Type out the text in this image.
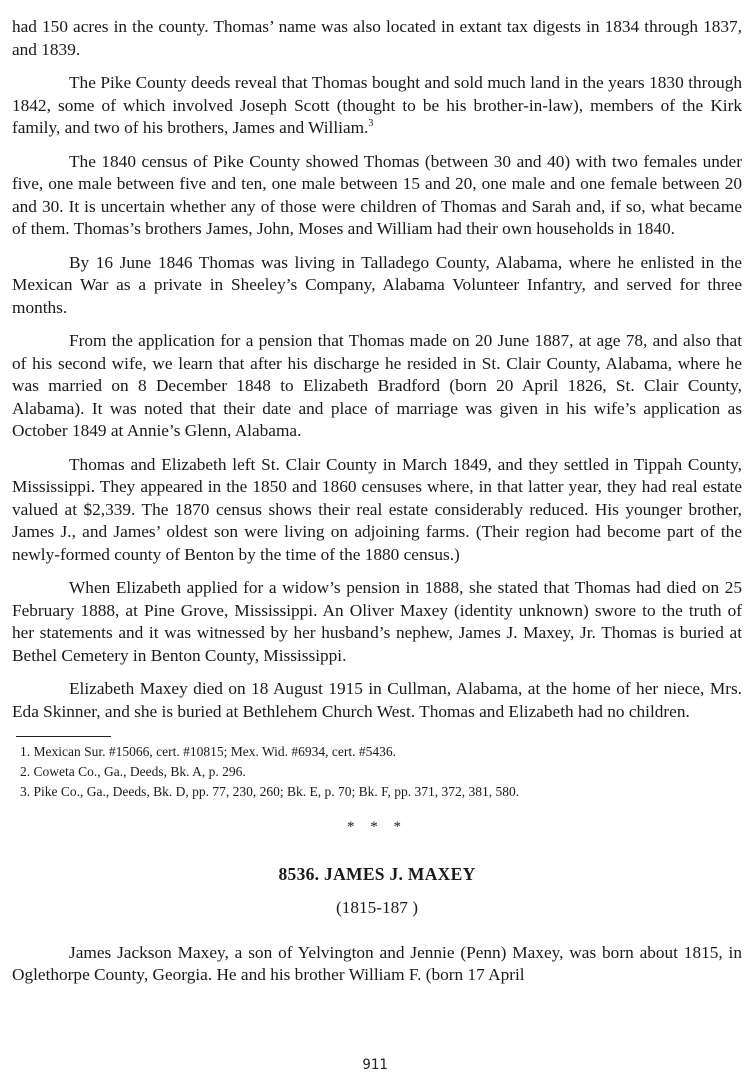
had 150 acres in the county. Thomas’ name was also located in extant tax digests in 1834 through 1837, and 1839.

The Pike County deeds reveal that Thomas bought and sold much land in the years 1830 through 1842, some of which involved Joseph Scott (thought to be his brother-in-law), members of the Kirk family, and two of his brothers, James and William.$^3$

The 1840 census of Pike County showed Thomas (between 30 and 40) with two females under five, one male between five and ten, one male between 15 and 20, one male and one female between 20 and 30. It is uncertain whether any of those were children of Thomas and Sarah and, if so, what became of them. Thomas’s brothers James, John, Moses and William had their own households in 1840.

By 16 June 1846 Thomas was living in Talladego County, Alabama, where he enlisted in the Mexican War as a private in Sheeley’s Company, Alabama Volunteer Infantry, and served for three months.

From the application for a pension that Thomas made on 20 June 1887, at age 78, and also that of his second wife, we learn that after his discharge he resided in St. Clair County, Alabama, where he was married on 8 December 1848 to Elizabeth Bradford (born 20 April 1826, St. Clair County, Alabama). It was noted that their date and place of marriage was given in his wife’s application as October 1849 at Annie’s Glenn, Alabama.

Thomas and Elizabeth left St. Clair County in March 1849, and they settled in Tippah County, Mississippi. They appeared in the 1850 and 1860 censuses where, in that latter year, they had real estate valued at $2,339. The 1870 census shows their real estate considerably reduced. His younger brother, James J., and James’ oldest son were living on adjoining farms. (Their region had become part of the newly-formed county of Benton by the time of the 1880 census.)

When Elizabeth applied for a widow’s pension in 1888, she stated that Thomas had died on 25 February 1888, at Pine Grove, Mississippi. An Oliver Maxey (identity unknown) swore to the truth of her statements and it was witnessed by her husband’s nephew, James J. Maxey, Jr. Thomas is buried at Bethel Cemetery in Benton County, Mississippi.

Elizabeth Maxey died on 18 August 1915 in Cullman, Alabama, at the home of her niece, Mrs. Eda Skinner, and she is buried at Bethlehem Church West. Thomas and Elizabeth had no children.

1. Mexican Sur. #15066, cert. #10815; Mex. Wid. #6934, cert. #5436.
2. Coweta Co., Ga., Deeds, Bk. A, p. 296.
3. Pike Co., Ga., Deeds, Bk. D, pp. 77, 230, 260; Bk. E, p. 70; Bk. F, pp. 371, 372, 381, 580.
* * *
8536. JAMES J. MAXEY
(1815-187 )

James Jackson Maxey, a son of Yelvington and Jennie (Penn) Maxey, was born about 1815, in Oglethorpe County, Georgia. He and his brother William F. (born 17 April

911
